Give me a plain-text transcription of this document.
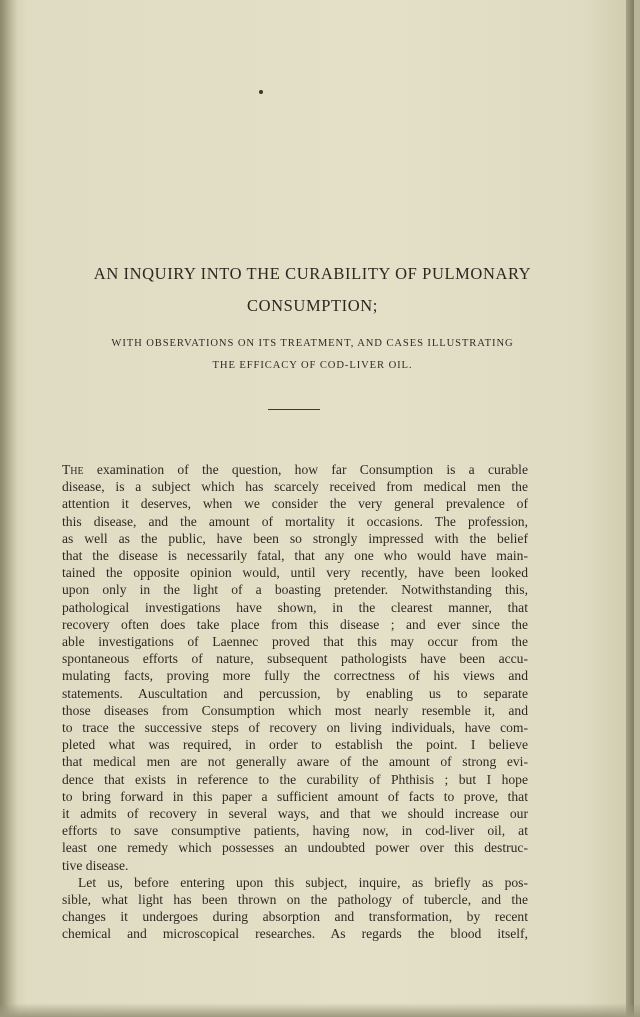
AN INQUIRY INTO THE CURABILITY OF PULMONARY
CONSUMPTION;
WITH OBSERVATIONS ON ITS TREATMENT, AND CASES ILLUSTRATING
THE EFFICACY OF COD-LIVER OIL.
The examination of the question, how far Consumption is a curable
disease, is a subject which has scarcely received from medical men the
attention it deserves, when we consider the very general prevalence of
this disease, and the amount of mortality it occasions. The profession,
as well as the public, have been so strongly impressed with the belief
that the disease is necessarily fatal, that any one who would have main-
tained the opposite opinion would, until very recently, have been looked
upon only in the light of a boasting pretender. Notwithstanding this,
pathological investigations have shown, in the clearest manner, that
recovery often does take place from this disease ; and ever since the
able investigations of Laennec proved that this may occur from the
spontaneous efforts of nature, subsequent pathologists have been accu-
mulating facts, proving more fully the correctness of his views and
statements. Auscultation and percussion, by enabling us to separate
those diseases from Consumption which most nearly resemble it, and
to trace the successive steps of recovery on living individuals, have com-
pleted what was required, in order to establish the point. I believe
that medical men are not generally aware of the amount of strong evi-
dence that exists in reference to the curability of Phthisis ; but I hope
to bring forward in this paper a sufficient amount of facts to prove, that
it admits of recovery in several ways, and that we should increase our
efforts to save consumptive patients, having now, in cod-liver oil, at
least one remedy which possesses an undoubted power over this destruc-
tive disease.
Let us, before entering upon this subject, inquire, as briefly as pos-
sible, what light has been thrown on the pathology of tubercle, and the
changes it undergoes during absorption and transformation, by recent
chemical and microscopical researches. As regards the blood itself,
